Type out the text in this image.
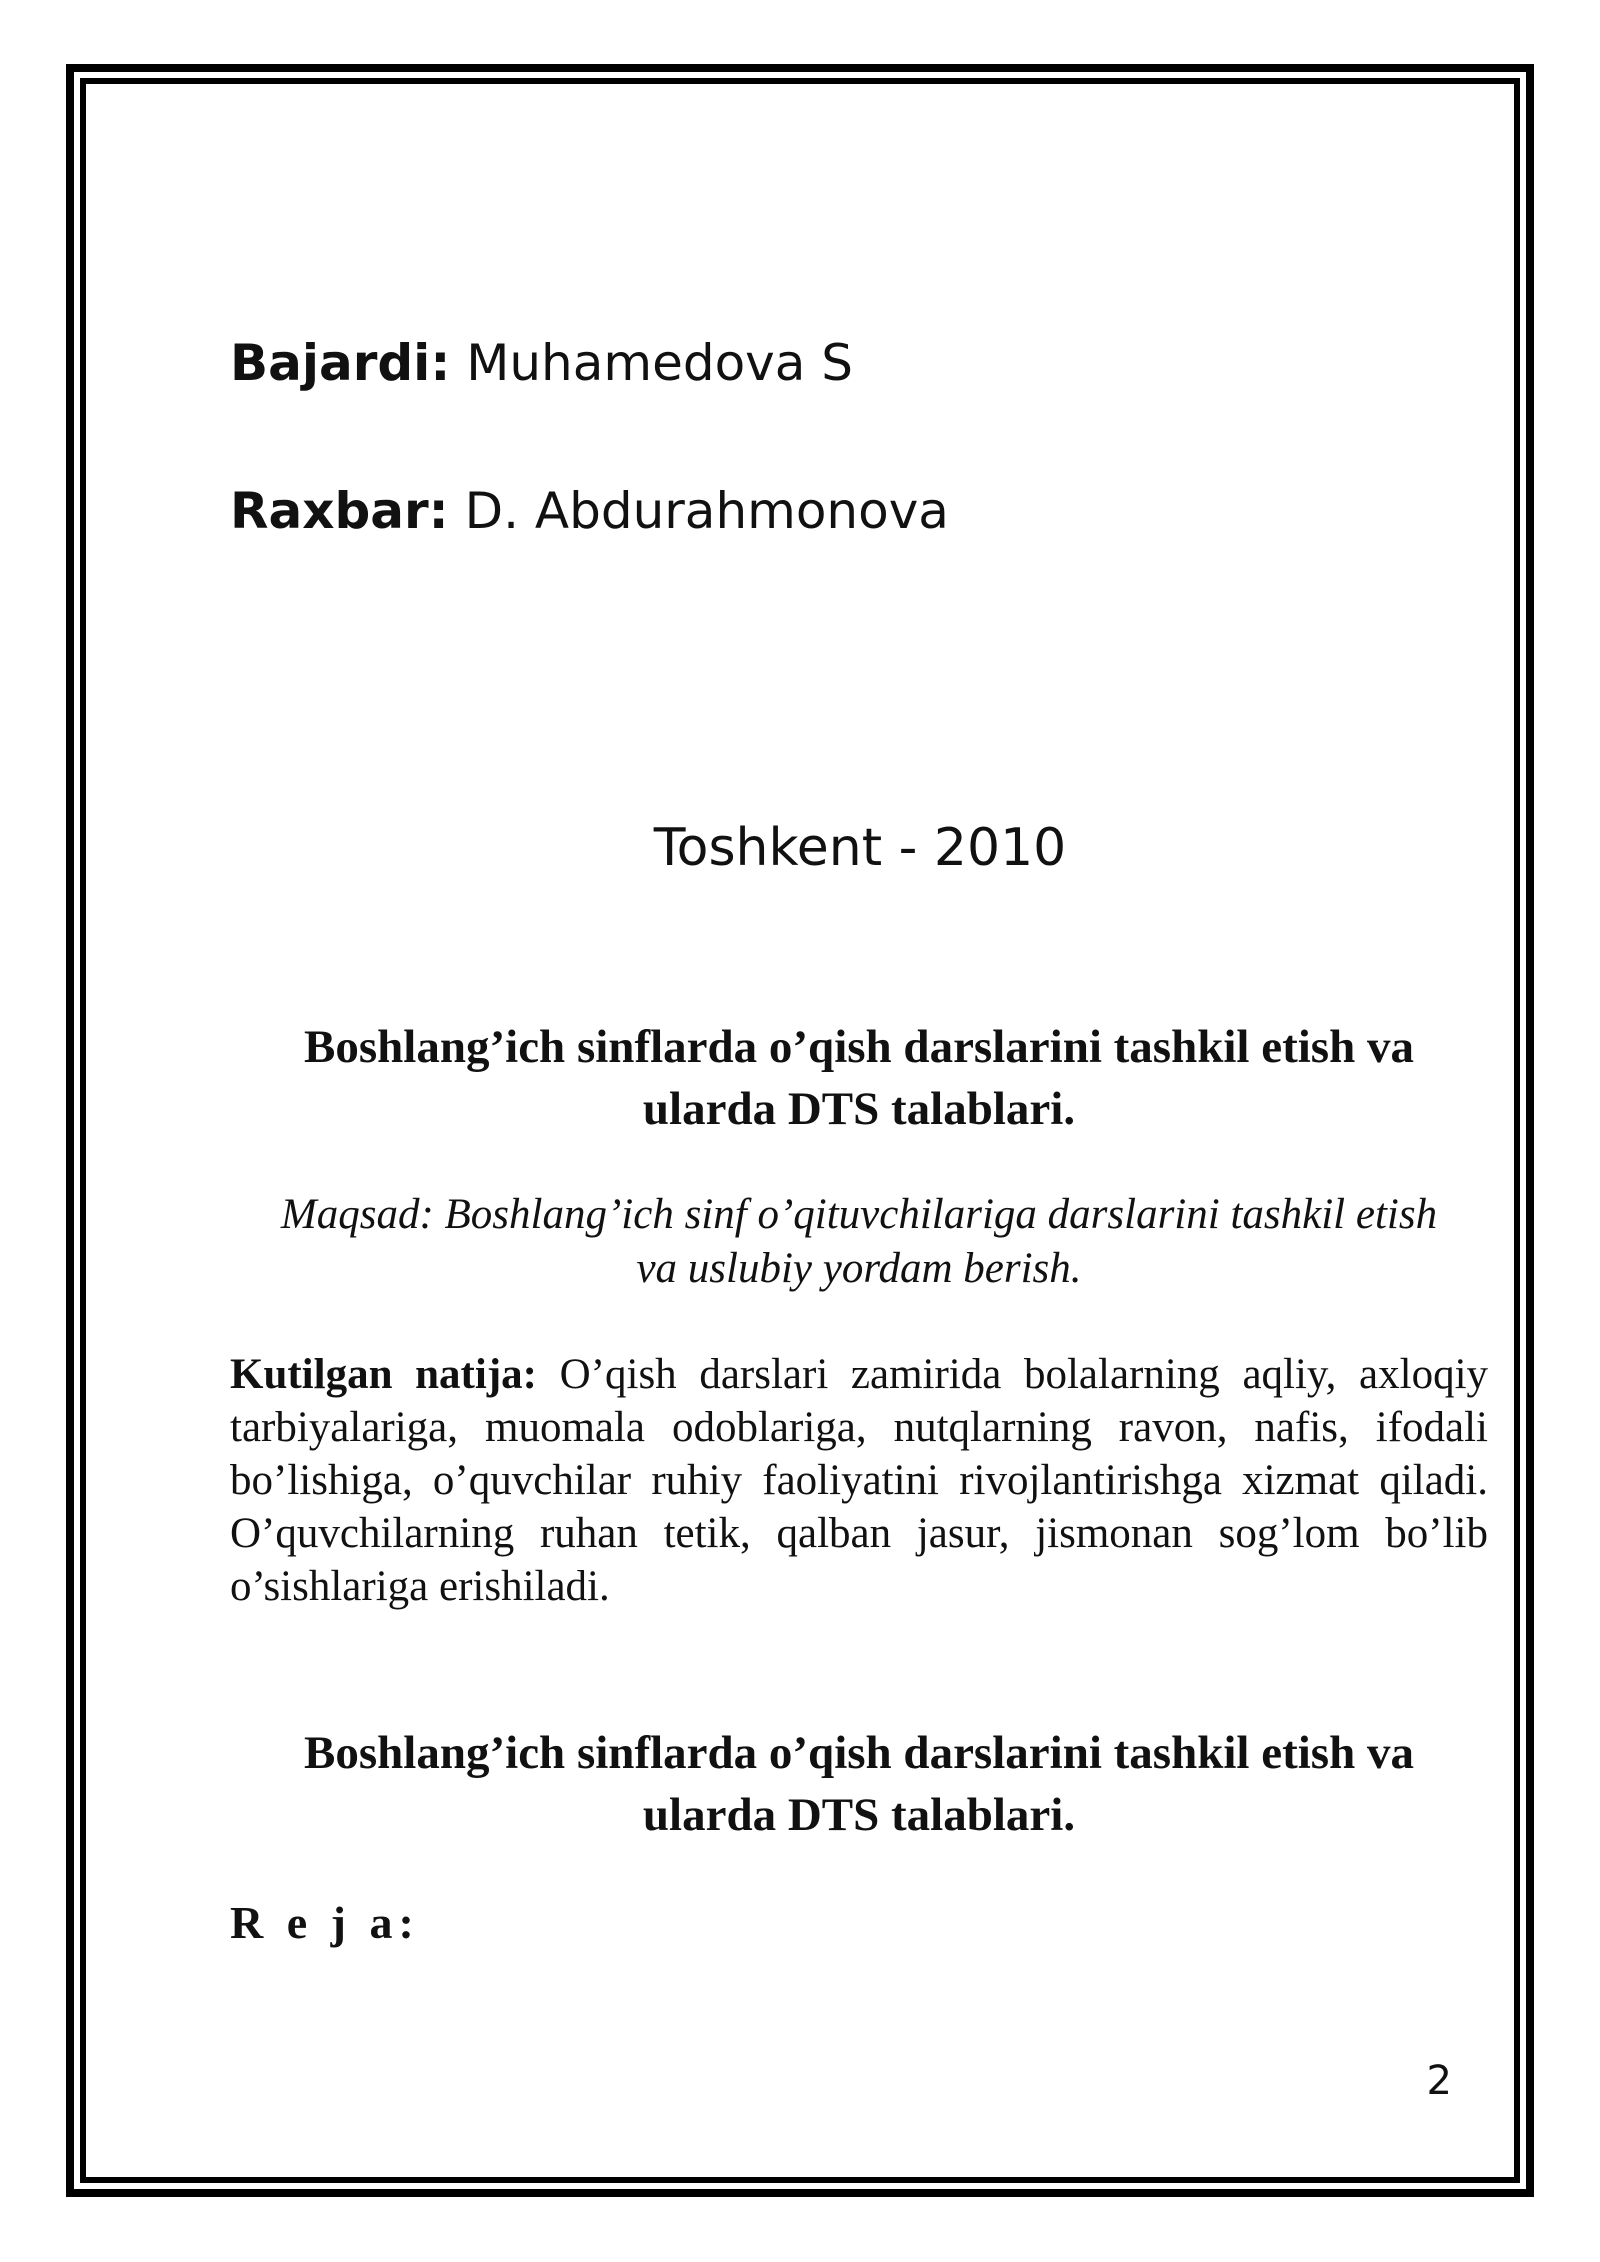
Bajardi: Muhamedova S
Raxbar: D. Abdurahmonova
Toshkent - 2010
Boshlang’ich sinflarda o’qish darslarini tashkil etish va
ularda DTS talablari.
Maqsad: Boshlang’ich sinf o’qituvchilariga darslarini tashkil etish
va uslubiy yordam berish.
Kutilgan natija: O’qish darslari zamirida bolalarning aqliy, axloqiy tarbiyalariga, muomala odoblariga, nutqlarning ravon, nafis, ifodali bo’lishiga, o’quvchilar ruhiy faoliyatini rivojlantirishga xizmat qiladi. O’quvchilarning ruhan tetik, qalban jasur, jismonan sog’lom bo’lib o’sishlariga erishiladi.
Boshlang’ich sinflarda o’qish darslarini tashkil etish va
ularda DTS talablari.
R e j a:
2
